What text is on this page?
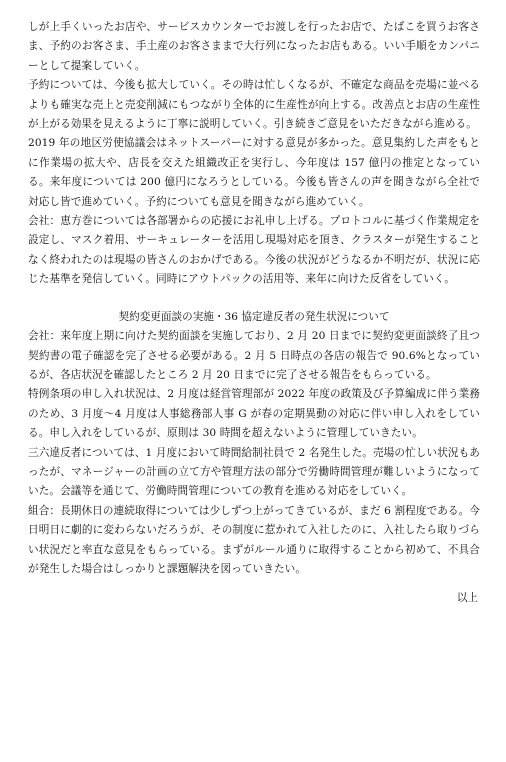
しが上手くいったお店や、サービスカウンターでお渡しを行ったお店で、たばこを買うお客さま、予約のお客さま、手土産のお客さままで大行列になったお店もある。いい手順をカンパニーとして提案していく。

予約については、今後も拡大していく。その時は忙しくなるが、不確定な商品を売場に並べるよりも確実な売上と売変削減にもつながり全体的に生産性が向上する。改善点とお店の生産性が上がる効果を見えるように丁寧に説明していく。引き続きご意見をいただきながら進める。

2019 年の地区労使協議会はネットスーパーに対する意見が多かった。意見集約した声をもとに作業場の拡大や、店長を交えた組織改正を実行し、今年度は 157 億円の推定となっている。来年度については 200 億円になろうとしている。今後も皆さんの声を聞きながら全社で対応し皆で進めていく。予約についても意見を聞きながら進めていく。

会社：恵方巻については各部署からの応援にお礼申し上げる。プロトコルに基づく作業規定を設定し、マスク着用、サーキュレーターを活用し現場対応を頂き、クラスターが発生することなく終われたのは現場の皆さんのおかげである。今後の状況がどうなるか不明だが、状況に応じた基準を発信していく。同時にアウトパックの活用等、来年に向けた反省をしていく。

契約変更面談の実施・36 協定違反者の発生状況について

会社：来年度上期に向けた契約面談を実施しており、2 月 20 日までに契約変更面談終了且つ契約書の電子確認を完了させる必要がある。2 月 5 日時点の各店の報告で 90.6%となっているが、各店状況を確認したところ 2 月 20 日までに完了させる報告をもらっている。

特例条項の申し入れ状況は、2 月度は経営管理部が 2022 年度の政策及び予算編成に伴う業務のため、3 月度～4 月度は人事総務部人事 G が春の定期異動の対応に伴い申し入れをしている。申し入れをしているが、原則は 30 時間を超えないように管理していきたい。

三六違反者については、1 月度において時間給制社員で 2 名発生した。売場の忙しい状況もあったが、マネージャーの計画の立て方や管理方法の部分で労働時間管理が難しいようになっていた。会議等を通じて、労働時間管理についての教育を進める対応をしていく。

組合：長期休日の連続取得については少しずつ上がってきているが、まだ 6 割程度である。今日明日に劇的に変わらないだろうが、その制度に惹かれて入社したのに、入社したら取りづらい状況だと率直な意見をもらっている。まずがルール通りに取得することから初めて、不具合が発生した場合はしっかりと課題解決を図っていきたい。

以上
